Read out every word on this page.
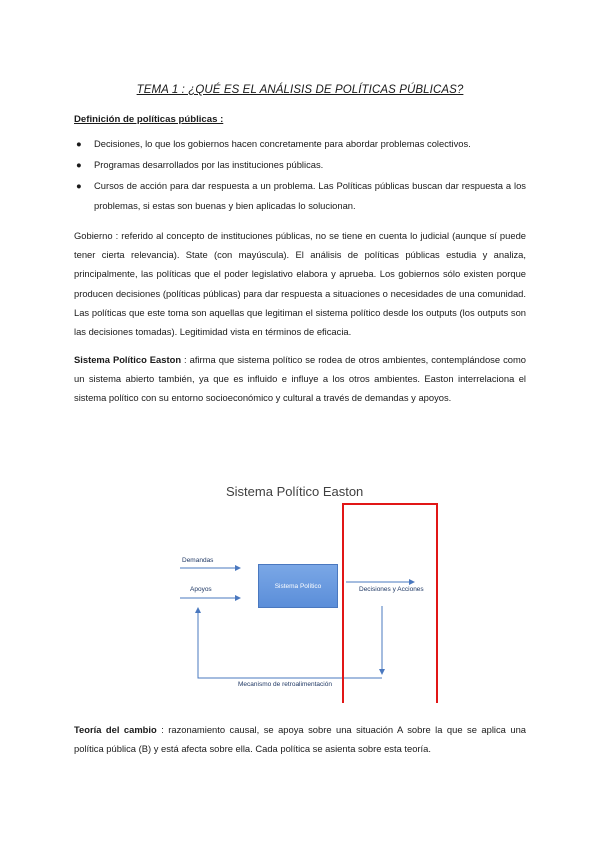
TEMA 1 : ¿QUÉ ES EL ANÁLISIS DE POLÍTICAS PÚBLICAS?
Definición de políticas públicas :
● Decisiones, lo que los gobiernos hacen concretamente para abordar problemas colectivos.
● Programas desarrollados por las instituciones públicas.
● Cursos de acción para dar respuesta a un problema. Las Políticas públicas buscan dar respuesta a los problemas, si estas son buenas y bien aplicadas lo solucionan.
Gobierno : referido al concepto de instituciones públicas, no se tiene en cuenta lo judicial (aunque sí puede tener cierta relevancia). State (con mayúscula). El análisis de políticas públicas estudia y analiza, principalmente, las políticas que el poder legislativo elabora y aprueba. Los gobiernos sólo existen porque producen decisiones (políticas públicas) para dar respuesta a situaciones o necesidades de una comunidad. Las políticas que este toma son aquellas que legitiman el sistema político desde los outputs (los outputs son las decisiones tomadas). Legitimidad vista en términos de eficacia.
Sistema Político Easton : afirma que sistema político se rodea de otros ambientes, contemplándose como un sistema abierto también, ya que es influido e influye a los otros ambientes. Easton interrelaciona el sistema político con su entorno socioeconómico y cultural a través de demandas y apoyos.
Sistema Político Easton
Demandas
Apoyos	Sistema Político	Decisiones y Acciones
Mecanismo de retroalimentación
Teoría del cambio : razonamiento causal, se apoya sobre una situación A sobre la que se aplica una política pública (B) y está afecta sobre ella. Cada política se asienta sobre esta teoría.
